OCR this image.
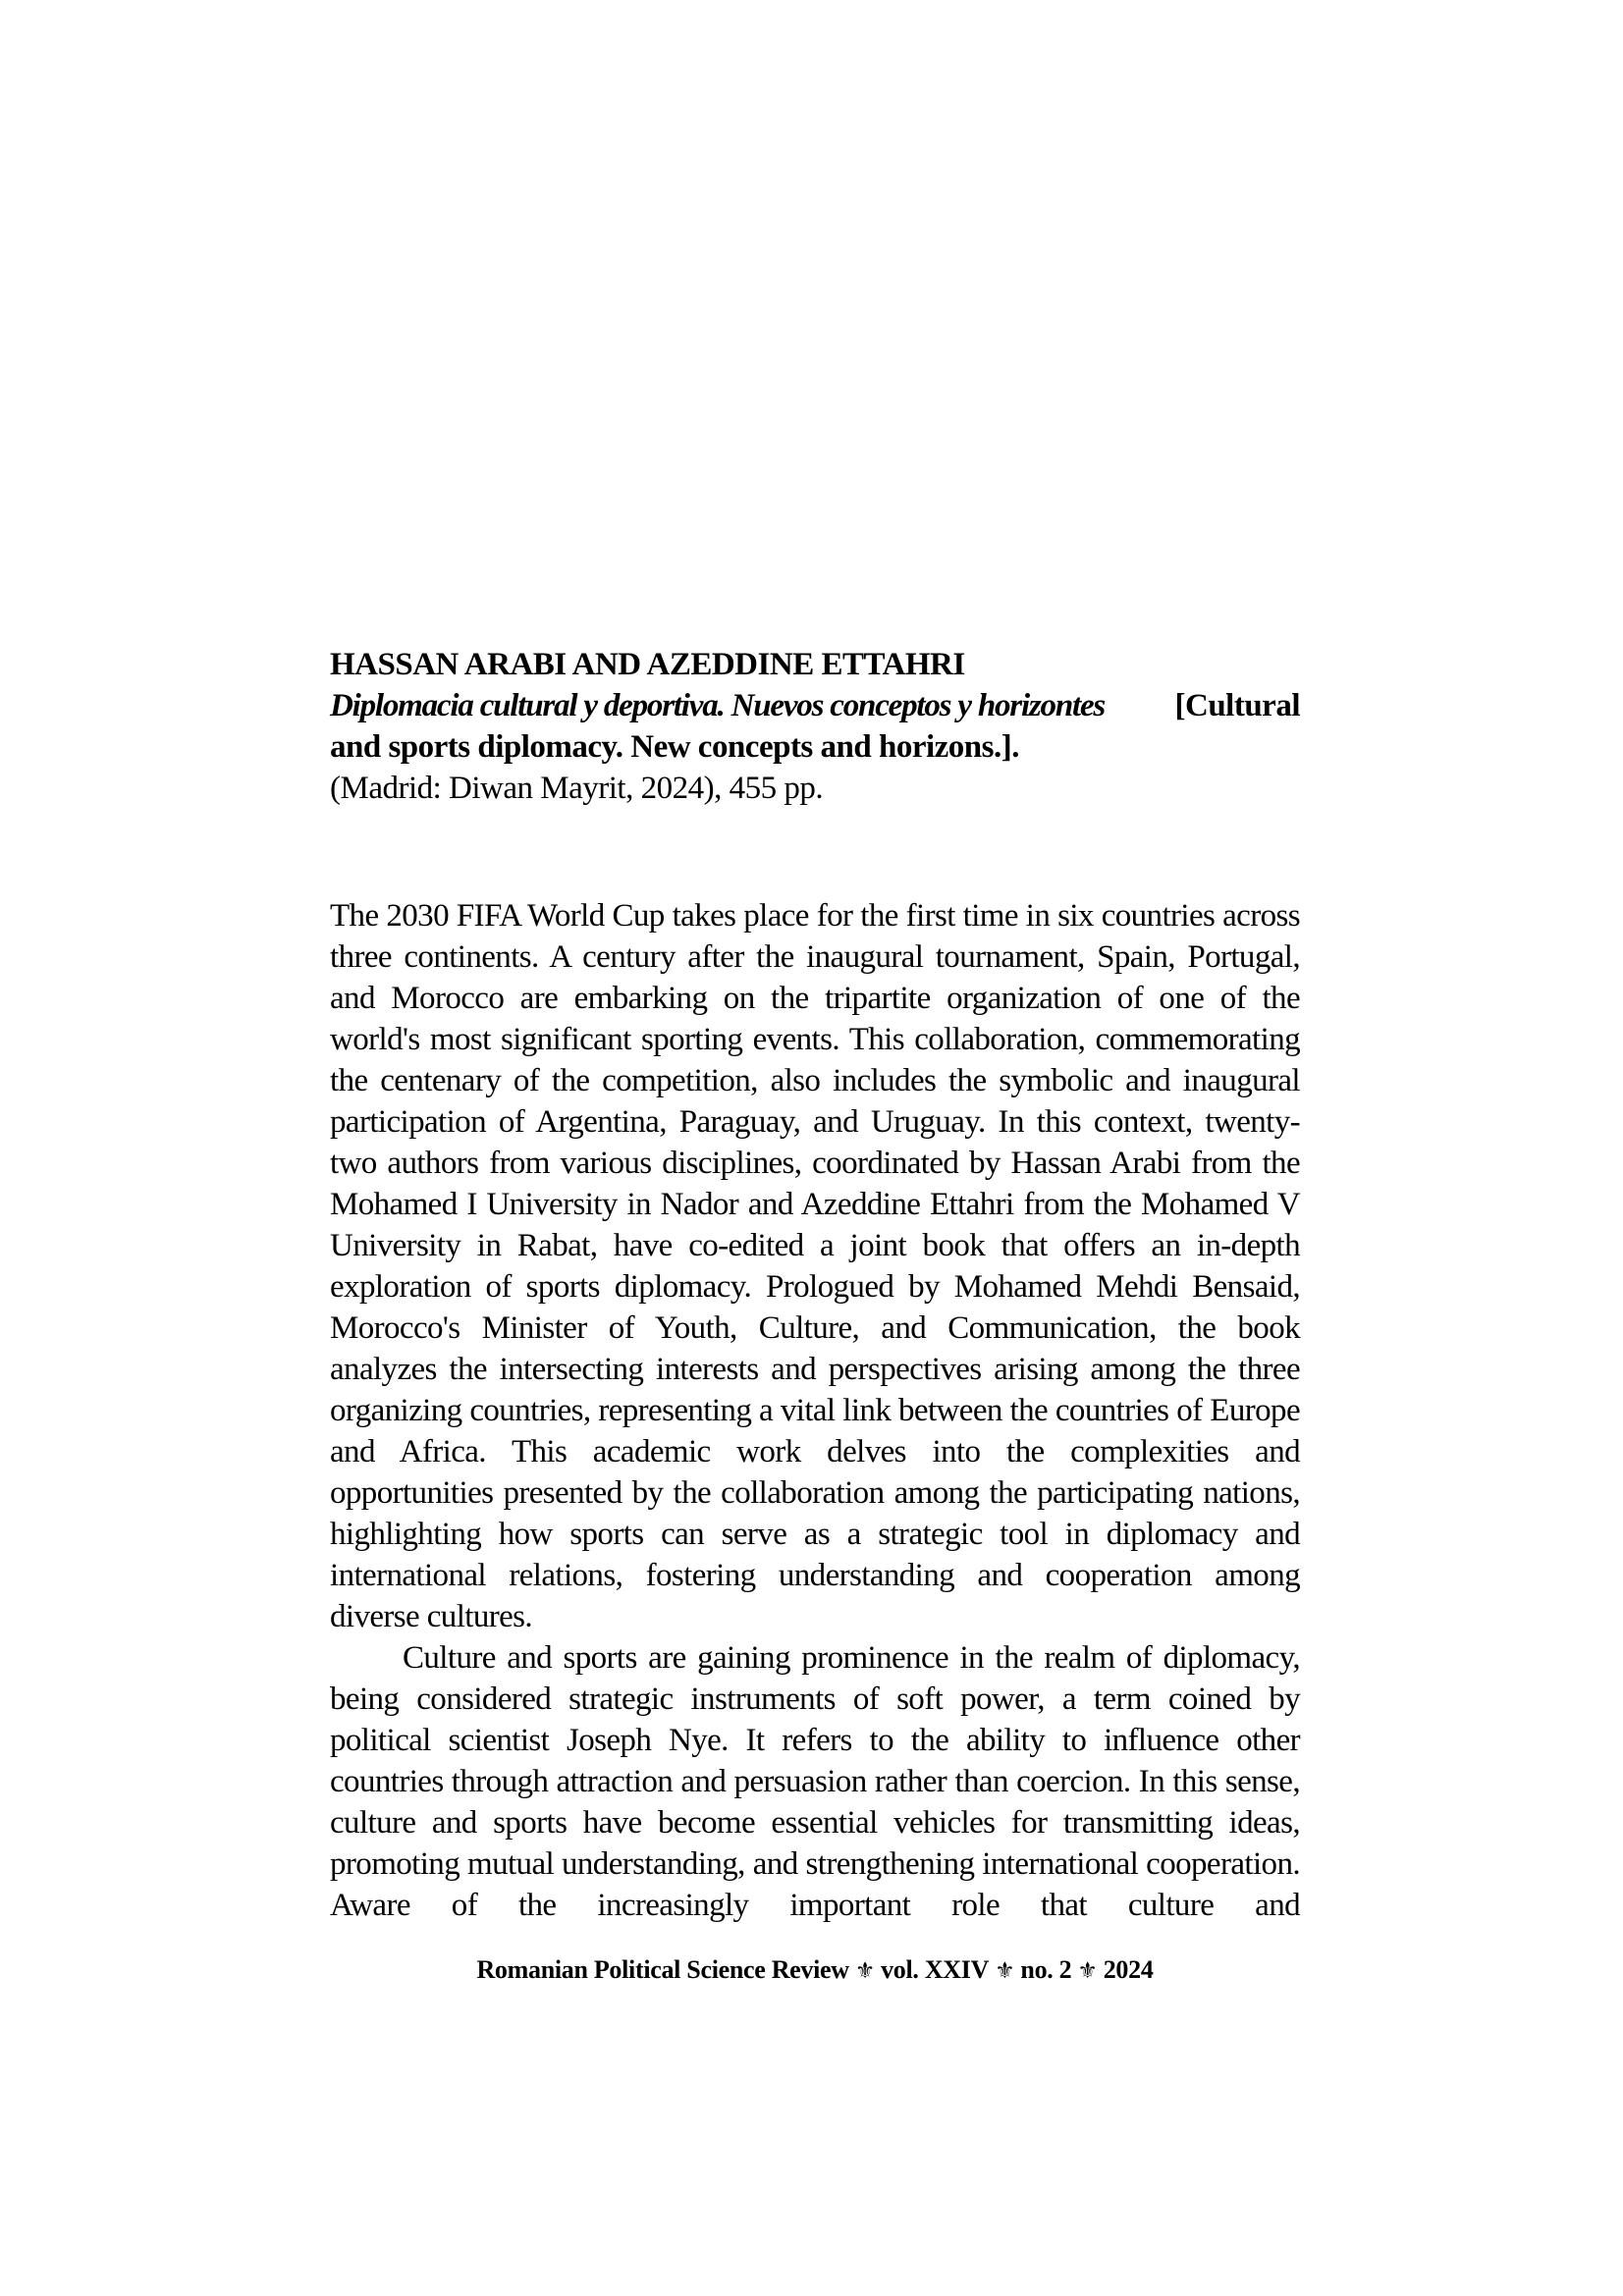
HASSAN ARABI AND AZEDDINE ETTAHRI
Diplomacia cultural y deportiva. Nuevos conceptos y horizontes [Cultural
and sports diplomacy. New concepts and horizons.].
(Madrid: Diwan Mayrit, 2024), 455 pp.

The 2030 FIFA World Cup takes place for the first time in six countries across three continents. A century after the inaugural tournament, Spain, Portugal, and Morocco are embarking on the tripartite organization of one of the world's most significant sporting events. This collaboration, commemorating the centenary of the competition, also includes the symbolic and inaugural participation of Argentina, Paraguay, and Uruguay. In this context, twenty-two authors from various disciplines, coordinated by Hassan Arabi from the Mohamed I University in Nador and Azeddine Ettahri from the Mohamed V University in Rabat, have co-edited a joint book that offers an in-depth exploration of sports diplomacy. Prologued by Mohamed Mehdi Bensaid, Morocco's Minister of Youth, Culture, and Communication, the book analyzes the intersecting interests and perspectives arising among the three organizing countries, representing a vital link between the countries of Europe and Africa. This academic work delves into the complexities and opportunities presented by the collaboration among the participating nations, highlighting how sports can serve as a strategic tool in diplomacy and international relations, fostering understanding and cooperation among diverse cultures.

Culture and sports are gaining prominence in the realm of diplomacy, being considered strategic instruments of soft power, a term coined by political scientist Joseph Nye. It refers to the ability to influence other countries through attraction and persuasion rather than coercion. In this sense, culture and sports have become essential vehicles for transmitting ideas, promoting mutual understanding, and strengthening international cooperation. Aware of the increasingly important role that culture and

Romanian Political Science Review ⚜ vol. XXIV ⚜ no. 2 ⚜ 2024
